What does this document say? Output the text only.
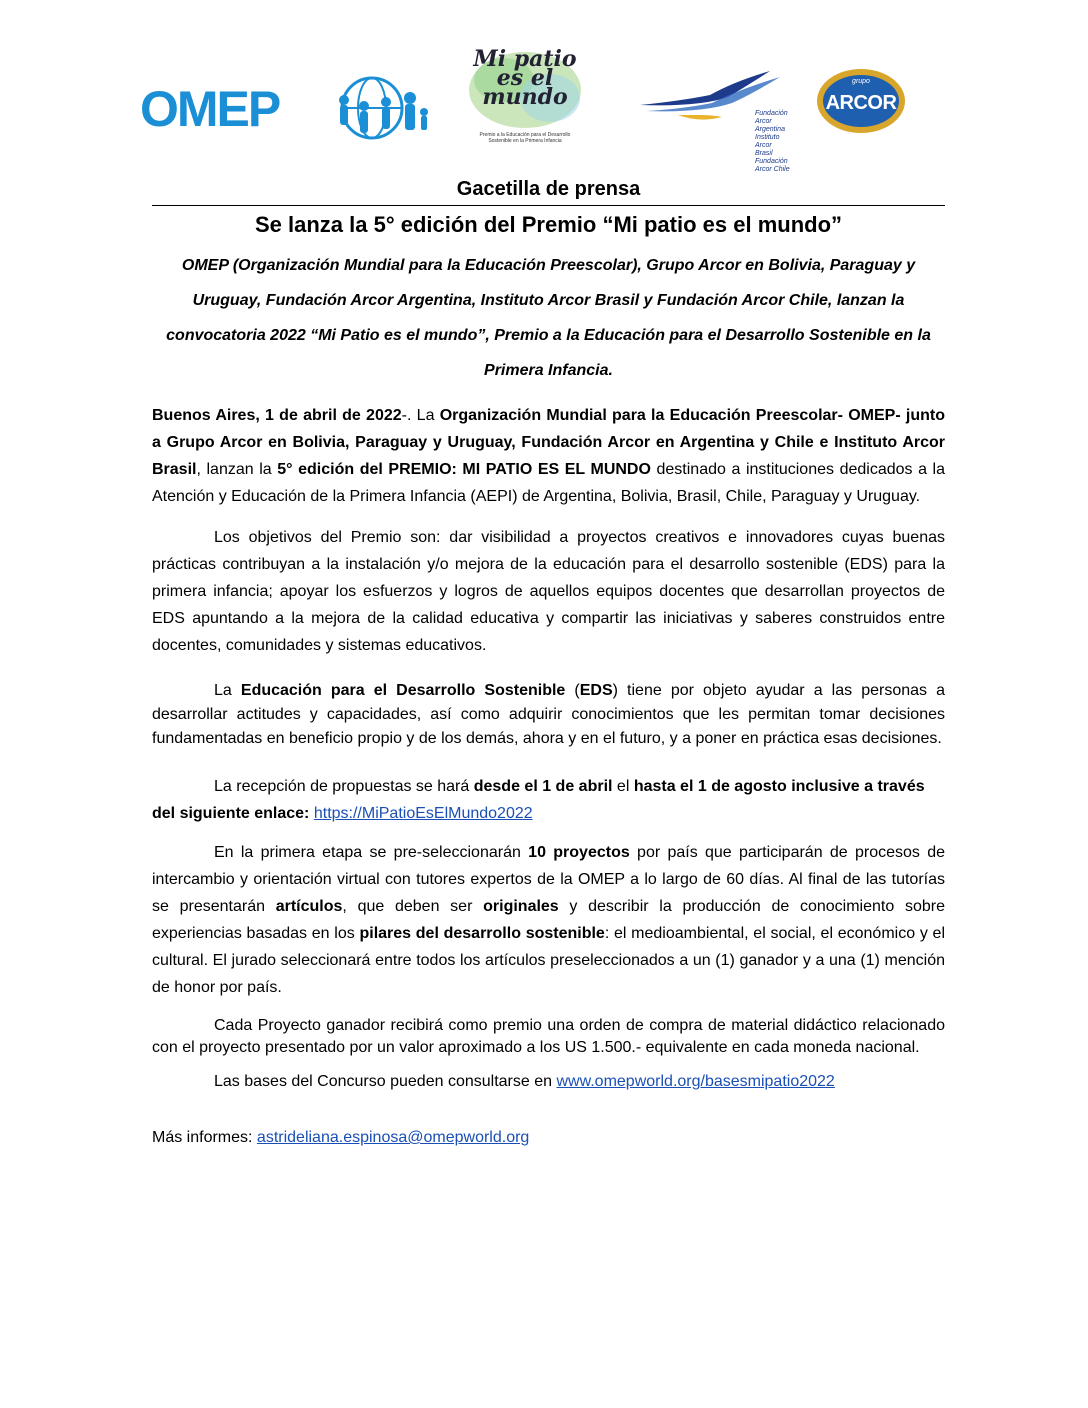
OMEP
Mi patio es el mundo
Premio a la Educación para el Desarrollo Sostenible en la Primera Infancia
Fundación Arcor Argentina
Instituto Arcor Brasil
Fundación Arcor Chile
grupo
ARCOR
Gacetilla de prensa
Se lanza la 5° edición del Premio “Mi patio es el mundo”
OMEP (Organización Mundial para la Educación Preescolar), Grupo Arcor en Bolivia, Paraguay y Uruguay, Fundación Arcor Argentina, Instituto Arcor Brasil y Fundación Arcor Chile, lanzan la convocatoria 2022 “Mi Patio es el mundo”, Premio a la Educación para el Desarrollo Sostenible en la Primera Infancia.

Buenos Aires, 1 de abril de 2022-. La Organización Mundial para la Educación Preescolar- OMEP- junto a Grupo Arcor en Bolivia, Paraguay y Uruguay, Fundación Arcor en Argentina y Chile e Instituto Arcor Brasil, lanzan la 5° edición del PREMIO: MI PATIO ES EL MUNDO destinado a instituciones dedicados a la Atención y Educación de la Primera Infancia (AEPI) de Argentina, Bolivia, Brasil, Chile, Paraguay y Uruguay.

Los objetivos del Premio son: dar visibilidad a proyectos creativos e innovadores cuyas buenas prácticas contribuyan a la instalación y/o mejora de la educación para el desarrollo sostenible (EDS) para la primera infancia; apoyar los esfuerzos y logros de aquellos equipos docentes que desarrollan proyectos de EDS apuntando a la mejora de la calidad educativa y compartir las iniciativas y saberes construidos entre docentes, comunidades y sistemas educativos.

La Educación para el Desarrollo Sostenible (EDS) tiene por objeto ayudar a las personas a desarrollar actitudes y capacidades, así como adquirir conocimientos que les permitan tomar decisiones fundamentadas en beneficio propio y de los demás, ahora y en el futuro, y a poner en práctica esas decisiones.

La recepción de propuestas se hará desde el 1 de abril el hasta el 1 de agosto inclusive a través del siguiente enlace: https://MiPatioEsElMundo2022

En la primera etapa se pre-seleccionarán 10 proyectos por país que participarán de procesos de intercambio y orientación virtual con tutores expertos de la OMEP a lo largo de 60 días. Al final de las tutorías se presentarán artículos, que deben ser originales y describir la producción de conocimiento sobre experiencias basadas en los pilares del desarrollo sostenible: el medioambiental, el social, el económico y el cultural. El jurado seleccionará entre todos los artículos preseleccionados a un (1) ganador y a una (1) mención de honor por país.

Cada Proyecto ganador recibirá como premio una orden de compra de material didáctico relacionado con el proyecto presentado por un valor aproximado a los US 1.500.- equivalente en cada moneda nacional.

Las bases del Concurso pueden consultarse en www.omepworld.org/basesmipatio2022

Más informes: astrideliana.espinosa@omepworld.org
